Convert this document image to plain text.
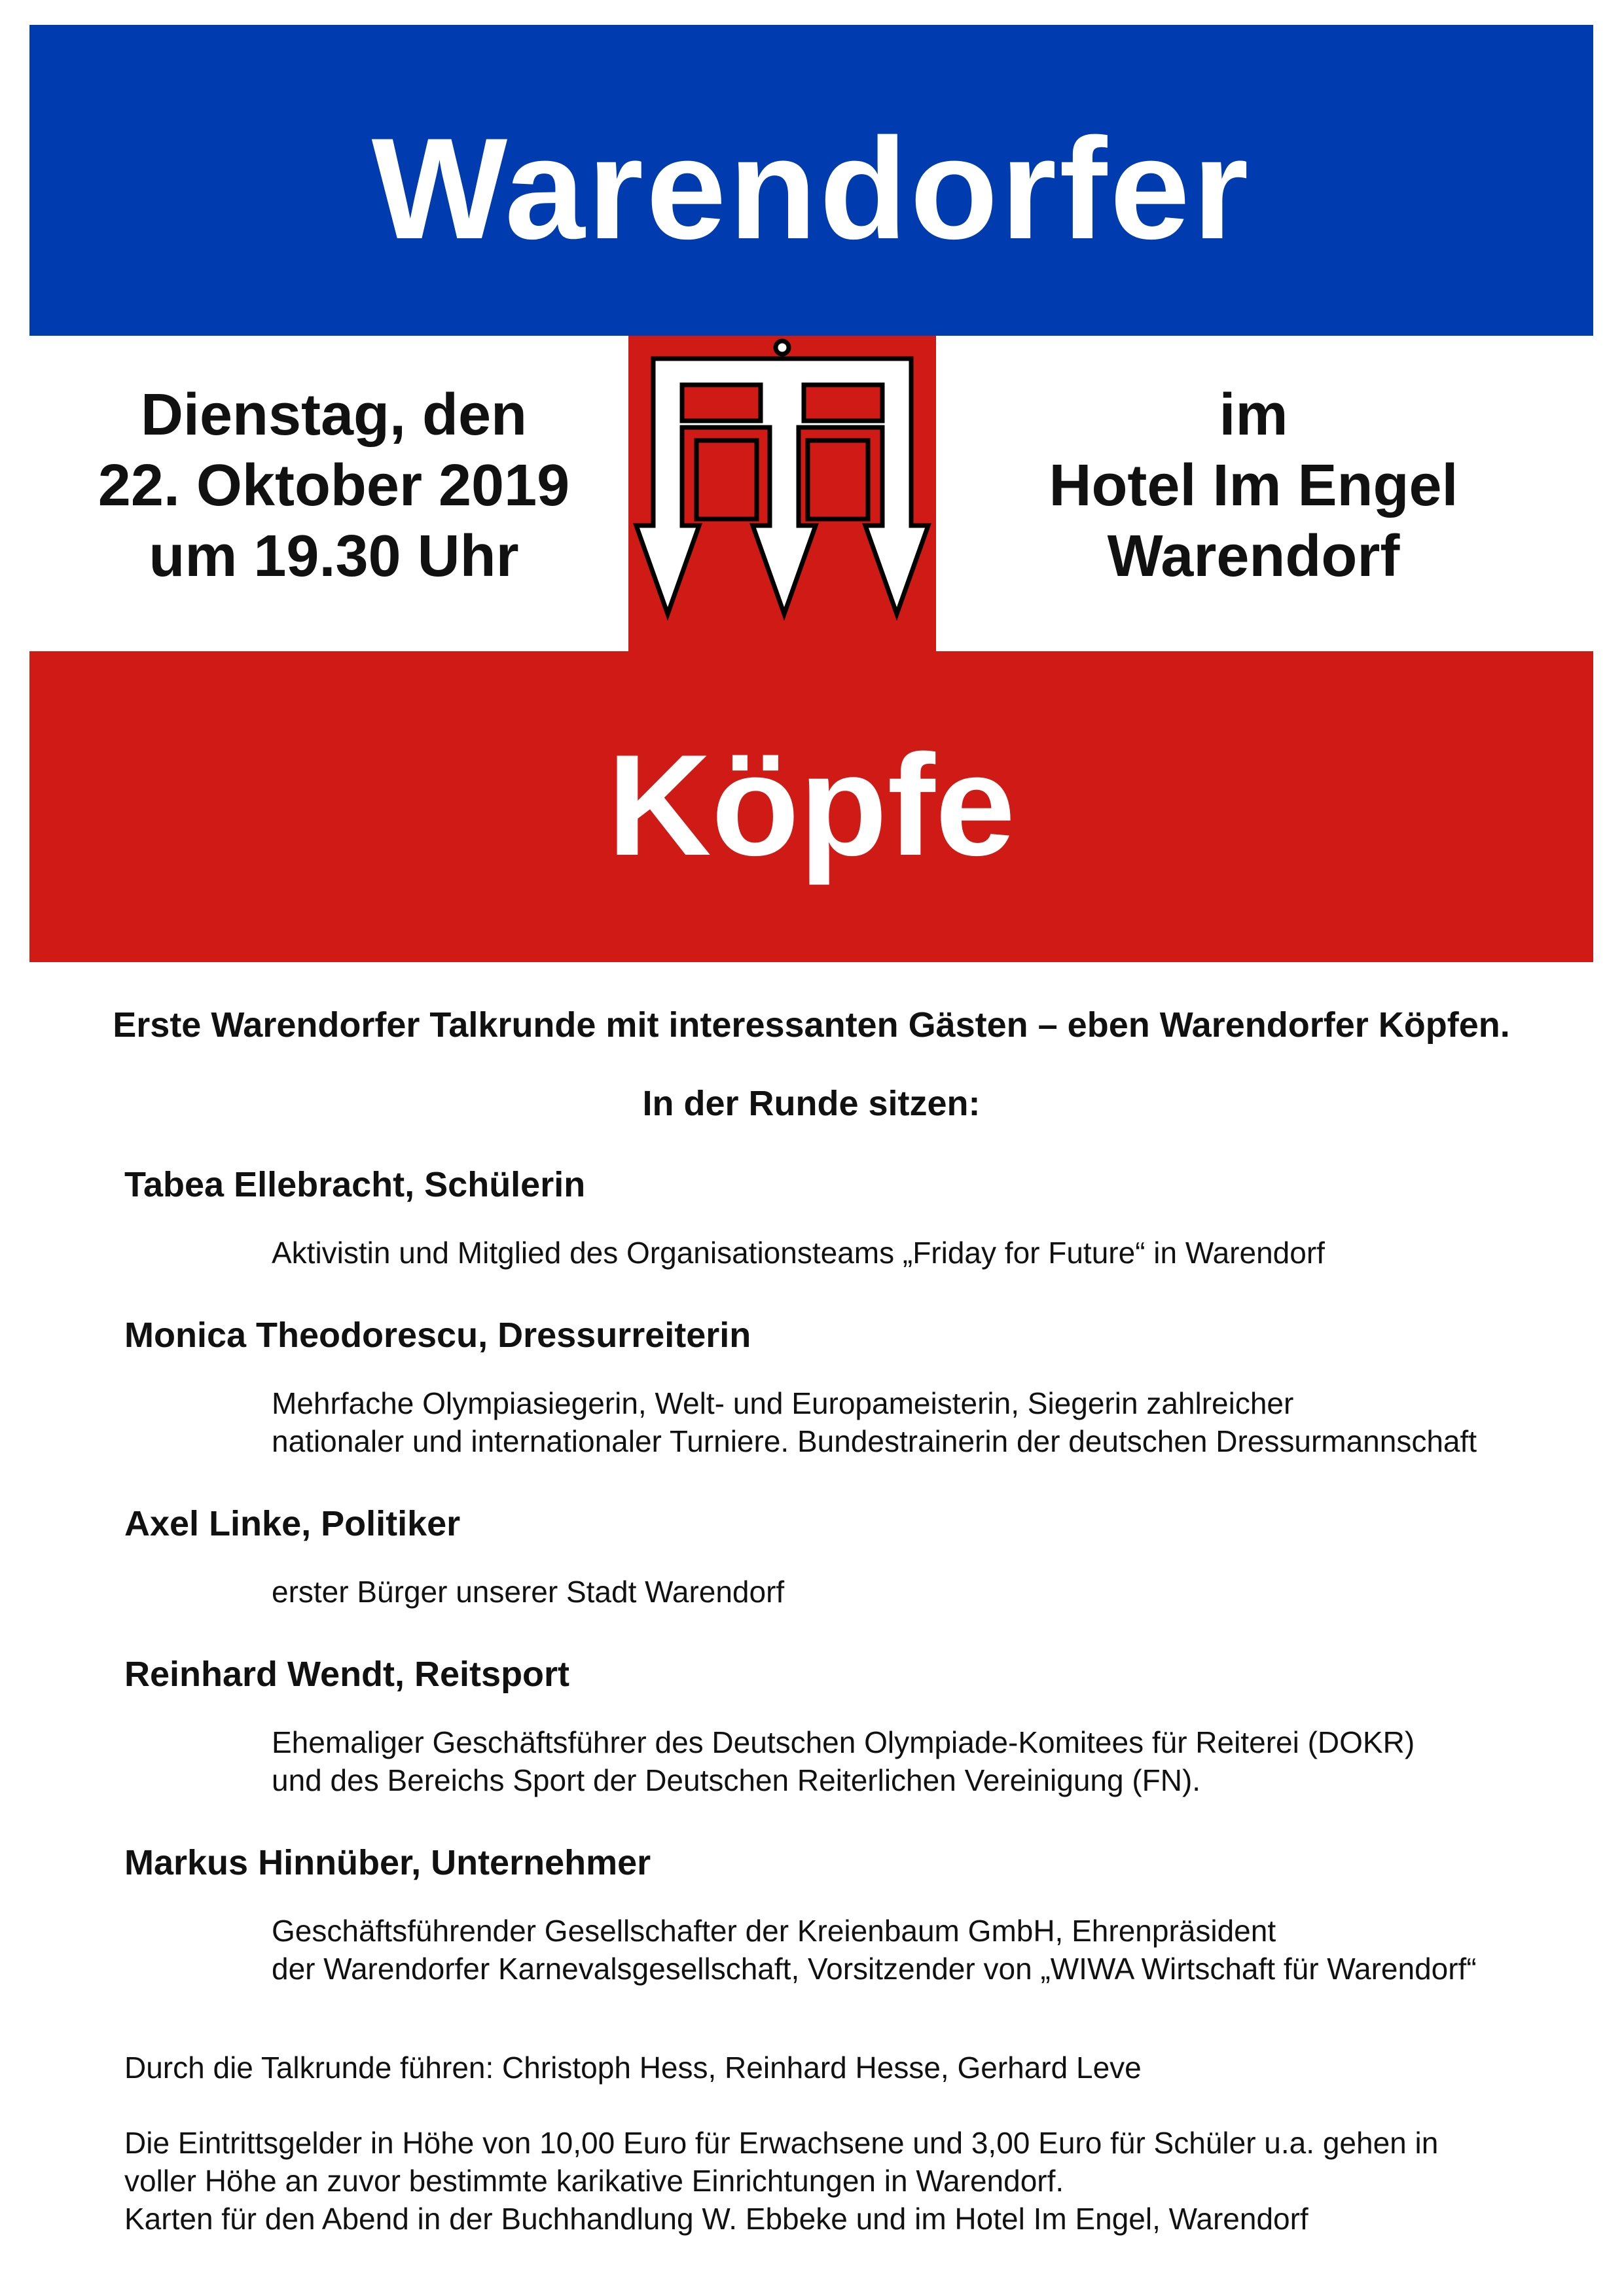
Warendorfer
Köpfe
Dienstag, den
22. Oktober 2019
um 19.30 Uhr
im
Hotel Im Engel
Warendorf
Erste Warendorfer Talkrunde mit interessanten Gästen – eben Warendorfer Köpfen.
In der Runde sitzen:
Tabea Ellebracht, Schülerin
Aktivistin und Mitglied des Organisationsteams „Friday for Future“ in Warendorf
Monica Theodorescu, Dressurreiterin
Mehrfache Olympiasiegerin, Welt- und Europameisterin, Siegerin zahlreicher
nationaler und internationaler Turniere. Bundestrainerin der deutschen Dressurmannschaft
Axel Linke, Politiker
erster Bürger unserer Stadt Warendorf
Reinhard Wendt, Reitsport
Ehemaliger Geschäftsführer des Deutschen Olympiade-Komitees für Reiterei (DOKR)
und des Bereichs Sport der Deutschen Reiterlichen Vereinigung (FN).
Markus Hinnüber, Unternehmer
Geschäftsführender Gesellschafter der Kreienbaum GmbH, Ehrenpräsident
der Warendorfer Karnevalsgesellschaft, Vorsitzender von „WIWA Wirtschaft für Warendorf“
Durch die Talkrunde führen: Christoph Hess, Reinhard Hesse, Gerhard Leve
Die Eintrittsgelder in Höhe von 10,00 Euro für Erwachsene und 3,00 Euro für Schüler u.a. gehen in
voller Höhe an zuvor bestimmte karikative Einrichtungen in Warendorf.
Karten für den Abend in der Buchhandlung W. Ebbeke und im Hotel Im Engel, Warendorf
